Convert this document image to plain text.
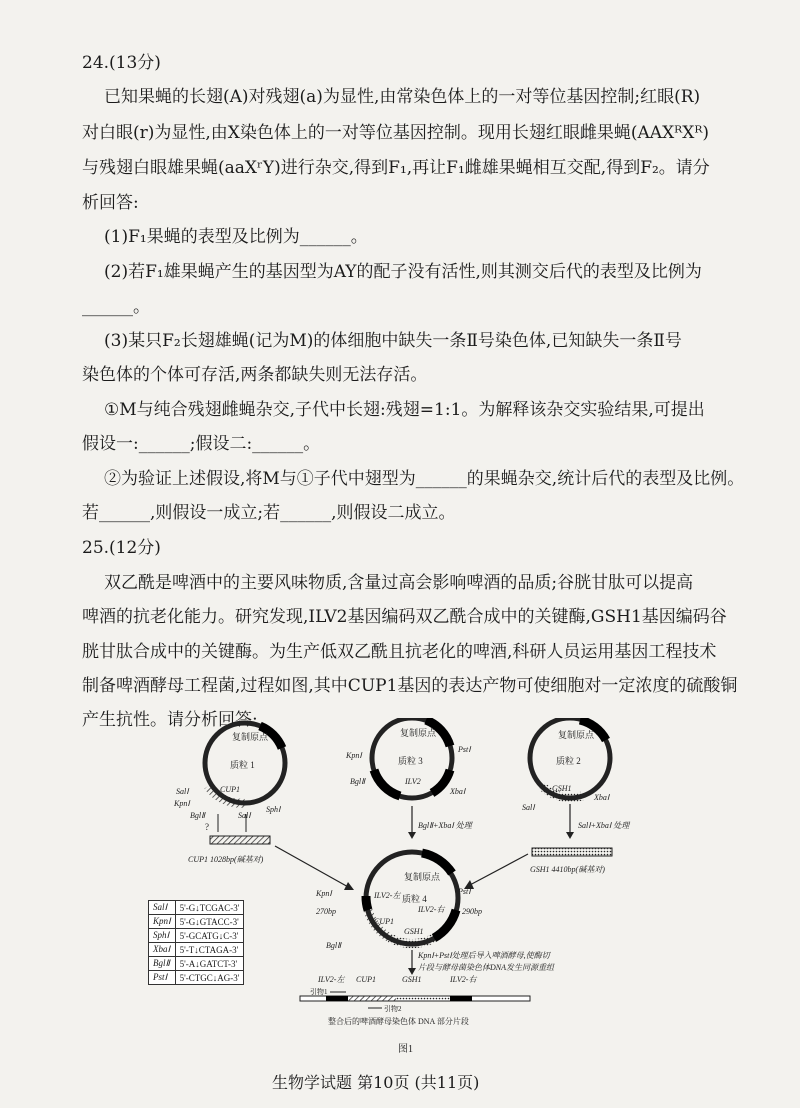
24.(13分)
已知果蝇的长翅(A)对残翅(a)为显性,由常染色体上的一对等位基因控制;红眼(R)
对白眼(r)为显性,由X染色体上的一对等位基因控制。现用长翅红眼雌果蝇(AAXᴿXᴿ)
与残翅白眼雄果蝇(aaXʳY)进行杂交,得到F₁,再让F₁雌雄果蝇相互交配,得到F₂。请分
析回答:
(1)F₁果蝇的表型及比例为______。
(2)若F₁雄果蝇产生的基因型为AY的配子没有活性,则其测交后代的表型及比例为
______。
(3)某只F₂长翅雄蝇(记为M)的体细胞中缺失一条Ⅱ号染色体,已知缺失一条Ⅱ号
染色体的个体可存活,两条都缺失则无法存活。
①M与纯合残翅雌蝇杂交,子代中长翅:残翅=1:1。为解释该杂交实验结果,可提出
假设一:______;假设二:______。
②为验证上述假设,将M与①子代中翅型为______的果蝇杂交,统计后代的表型及比例。
若______,则假设一成立;若______,则假设二成立。
25.(12分)
双乙酰是啤酒中的主要风味物质,含量过高会影响啤酒的品质;谷胱甘肽可以提高
啤酒的抗老化能力。研究发现,ILV2基因编码双乙酰合成中的关键酶,GSH1基因编码谷
胱甘肽合成中的关键酶。为生产低双乙酰且抗老化的啤酒,科研人员运用基因工程技术
制备啤酒酵母工程菌,过程如图,其中CUP1基因的表达产物可使细胞对一定浓度的硫酸铜
产生抗性。请分析回答:
复制原点
质粒 1
CUP1
SalⅠ
KpnⅠ
BglⅡ	SalⅠ
SphⅠ
?
CUP1 1028bp(碱基对)
复制原点
质粒 3
ILV2
KpnⅠ
BglⅡ
PstⅠ
XbaⅠ
BglⅡ+XbaⅠ 处理
复制原点
质粒 2
GSH1
SalⅠ
XbaⅠ
SalⅠ+XbaⅠ 处理
GSH1 4410bp(碱基对)
复制原点
质粒 4
ILV2-左
ILV2-右
CUP1
GSH1
KpnⅠ
270bp
BglⅡ
PstⅠ
290bp
KpnⅠ+PstⅠ处理后导入啤酒酵母,使酶切
片段与酵母菌染色体DNA发生同源重组
ILV2-左 CUP1	GSH1	ILV2-右
引物1
引物2
整合后的啤酒酵母染色体 DNA 部分片段
图1
SalⅠ	5'-G↓TCGAC-3'
KpnⅠ	5'-G↓GTACC-3'
SphⅠ	5'-GCATG↓C-3'
XbaⅠ	5'-T↓CTAGA-3'
BglⅡ	5'-A↓GATCT-3'
PstⅠ	5'-CTGC↓AG-3'
生物学试题 第10页 (共11页)
